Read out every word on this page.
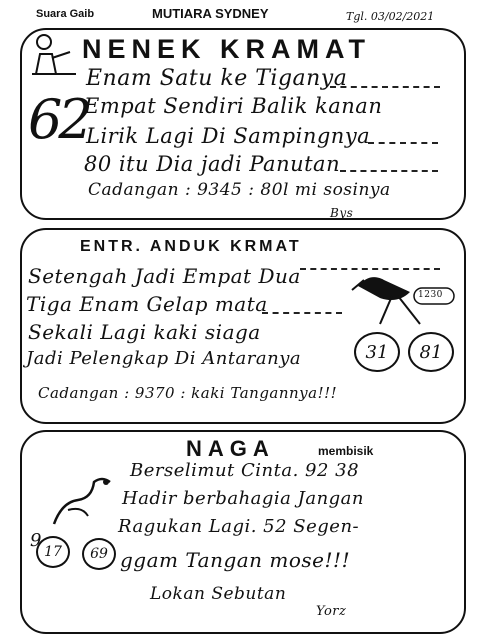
Suara Gaib	MUTIARA SYDNEY	Tgl. 03/02/2021
NENEK KRAMAT
62
Enam Satu ke Tiganya
Empat Sendiri Balik kanan
Lirik Lagi Di Sampingnya
80 itu Dia jadi Panutan
Cadangan : 9345 : 80l mi sosinya
Bys
ENTR. ANDUK KRMAT
Setengah Jadi Empat Dua
Tiga Enam Gelap mata
Sekali Lagi kaki siaga
Jadi Pelengkap Di Antaranya
Cadangan : 9370 : kaki Tangannya!!!
1230
31	81
NAGA	membisik
Berselimut Cinta. 92 38
Hadir berbahagia Jangan
Ragukan Lagi. 52 Segen-
ggam Tangan mose!!!
Lokan Sebutan
9
17	69
Yorz
